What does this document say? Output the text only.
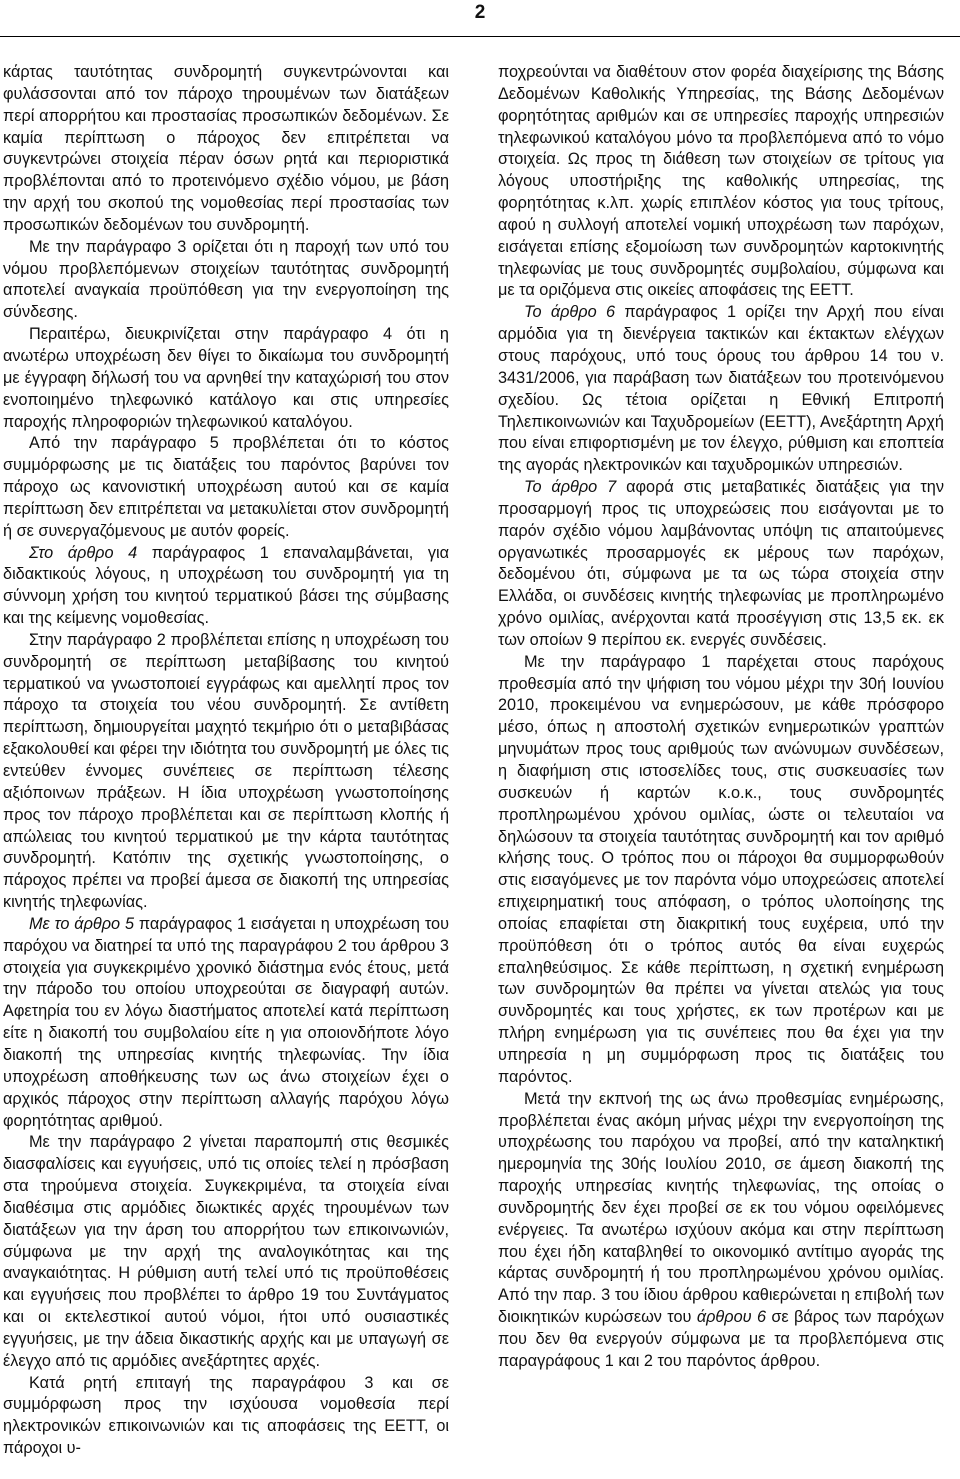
2

κάρτας ταυτότητας συνδρομητή συγκεντρώνονται και φυλάσσονται από τον πάροχο τηρουμένων των διατάξεων περί απορρήτου και προστασίας προσωπικών δεδομένων. Σε καμία περίπτωση ο πάροχος δεν επιτρέπεται να συγκεντρώνει στοιχεία πέραν όσων ρητά και περιοριστικά προβλέπονται από το προτεινόμενο σχέδιο νόμου, με βάση την αρχή του σκοπού της νομοθεσίας περί προστασίας των προσωπικών δεδομένων του συνδρομητή.

Με την παράγραφο 3 ορίζεται ότι η παροχή των υπό του νόμου προβλεπόμενων στοιχείων ταυτότητας συνδρομητή αποτελεί αναγκαία προϋπόθεση για την ενεργοποίηση της σύνδεσης.

Περαιτέρω, διευκρινίζεται στην παράγραφο 4 ότι η ανωτέρω υποχρέωση δεν θίγει το δικαίωμα του συνδρομητή με έγγραφη δήλωσή του να αρνηθεί την καταχώρισή του στον ενοποιημένο τηλεφωνικό κατάλογο και στις υπηρεσίες παροχής πληροφοριών τηλεφωνικού καταλόγου.

Από την παράγραφο 5 προβλέπεται ότι το κόστος συμμόρφωσης με τις διατάξεις του παρόντος βαρύνει τον πάροχο ως κανονιστική υποχρέωση αυτού και σε καμία περίπτωση δεν επιτρέπεται να μετακυλίεται στον συνδρομητή ή σε συνεργαζόμενους με αυτόν φορείς.

Στο άρθρο 4 παράγραφος 1 επαναλαμβάνεται, για διδακτικούς λόγους, η υποχρέωση του συνδρομητή για τη σύννομη χρήση του κινητού τερματικού βάσει της σύμβασης και της κείμενης νομοθεσίας.

Στην παράγραφο 2 προβλέπεται επίσης η υποχρέωση του συνδρομητή σε περίπτωση μεταβίβασης του κινητού τερματικού να γνωστοποιεί εγγράφως και αμελλητί προς τον πάροχο τα στοιχεία του νέου συνδρομητή. Σε αντίθετη περίπτωση, δημιουργείται μαχητό τεκμήριο ότι ο μεταβιβάσας εξακολουθεί και φέρει την ιδιότητα του συνδρομητή με όλες τις εντεύθεν έννομες συνέπειες σε περίπτωση τέλεσης αξιόποινων πράξεων. Η ίδια υποχρέωση γνωστοποίησης προς τον πάροχο προβλέπεται και σε περίπτωση κλοπής ή απώλειας του κινητού τερματικού με την κάρτα ταυτότητας συνδρομητή. Κατόπιν της σχετικής γνωστοποίησης, ο πάροχος πρέπει να προβεί άμεσα σε διακοπή της υπηρεσίας κινητής τηλεφωνίας.

Με το άρθρο 5 παράγραφος 1 εισάγεται η υποχρέωση του παρόχου να διατηρεί τα υπό της παραγράφου 2 του άρθρου 3 στοιχεία για συγκεκριμένο χρονικό διάστημα ενός έτους, μετά την πάροδο του οποίου υποχρεούται σε διαγραφή αυτών. Αφετηρία του εν λόγω διαστήματος αποτελεί κατά περίπτωση είτε η διακοπή του συμβολαίου είτε η για οποιονδήποτε λόγο διακοπή της υπηρεσίας κινητής τηλεφωνίας. Την ίδια υποχρέωση αποθήκευσης των ως άνω στοιχείων έχει ο αρχικός πάροχος στην περίπτωση αλλαγής παρόχου λόγω φορητότητας αριθμού.

Με την παράγραφο 2 γίνεται παραπομπή στις θεσμικές διασφαλίσεις και εγγυήσεις, υπό τις οποίες τελεί η πρόσβαση στα τηρούμενα στοιχεία. Συγκεκριμένα, τα στοιχεία είναι διαθέσιμα στις αρμόδιες διωκτικές αρχές τηρουμένων των διατάξεων για την άρση του απορρήτου των επικοινωνιών, σύμφωνα με την αρχή της αναλογικότητας και της αναγκαιότητας. Η ρύθμιση αυτή τελεί υπό τις προϋποθέσεις και εγγυήσεις που προβλέπει το άρθρο 19 του Συντάγματος και οι εκτελεστικοί αυτού νόμοι, ήτοι υπό ουσιαστικές εγγυήσεις, με την άδεια δικαστικής αρχής και με υπαγωγή σε έλεγχο από τις αρμόδιες ανεξάρτητες αρχές.

Κατά ρητή επιταγή της παραγράφου 3 και σε συμμόρφωση προς την ισχύουσα νομοθεσία περί ηλεκτρονικών επικοινωνιών και τις αποφάσεις της ΕΕΤΤ, οι πάροχοι υ-

ποχρεούνται να διαθέτουν στον φορέα διαχείρισης της Βάσης Δεδομένων Καθολικής Υπηρεσίας, της Βάσης Δεδομένων φορητότητας αριθμών και σε υπηρεσίες παροχής υπηρεσιών τηλεφωνικού καταλόγου μόνο τα προβλεπόμενα από το νόμο στοιχεία. Ως προς τη διάθεση των στοιχείων σε τρίτους για λόγους υποστήριξης της καθολικής υπηρεσίας, της φορητότητας κ.λπ. χωρίς επιπλέον κόστος για τους τρίτους, αφού η συλλογή αποτελεί νομική υποχρέωση των παρόχων, εισάγεται επίσης εξομοίωση των συνδρομητών καρτοκινητής τηλεφωνίας με τους συνδρομητές συμβολαίου, σύμφωνα και με τα οριζόμενα στις οικείες αποφάσεις της ΕΕΤΤ.

Το άρθρο 6 παράγραφος 1 ορίζει την Αρχή που είναι αρμόδια για τη διενέργεια τακτικών και έκτακτων ελέγχων στους παρόχους, υπό τους όρους του άρθρου 14 του ν. 3431/2006, για παράβαση των διατάξεων του προτεινόμενου σχεδίου. Ως τέτοια ορίζεται η Εθνική Επιτροπή Τηλεπικοινωνιών και Ταχυδρομείων (ΕΕΤΤ), Ανεξάρτητη Αρχή που είναι επιφορτισμένη με τον έλεγχο, ρύθμιση και εποπτεία της αγοράς ηλεκτρονικών και ταχυδρομικών υπηρεσιών.

Το άρθρο 7 αφορά στις μεταβατικές διατάξεις για την προσαρμογή προς τις υποχρεώσεις που εισάγονται με το παρόν σχέδιο νόμου λαμβάνοντας υπόψη τις απαιτούμενες οργανωτικές προσαρμογές εκ μέρους των παρόχων, δεδομένου ότι, σύμφωνα με τα ως τώρα στοιχεία στην Ελλάδα, οι συνδέσεις κινητής τηλεφωνίας με προπληρωμένο χρόνο ομιλίας, ανέρχονται κατά προσέγγιση στις 13,5 εκ. εκ των οποίων 9 περίπου εκ. ενεργές συνδέσεις.

Με την παράγραφο 1 παρέχεται στους παρόχους προθεσμία από την ψήφιση του νόμου μέχρι την 30ή Ιουνίου 2010, προκειμένου να ενημερώσουν, με κάθε πρόσφορο μέσο, όπως η αποστολή σχετικών ενημερωτικών γραπτών μηνυμάτων προς τους αριθμούς των ανώνυμων συνδέσεων, η διαφήμιση στις ιστοσελίδες τους, στις συσκευασίες των συσκευών ή καρτών κ.ο.κ., τους συνδρομητές προπληρωμένου χρόνου ομιλίας, ώστε οι τελευταίοι να δηλώσουν τα στοιχεία ταυτότητας συνδρομητή και τον αριθμό κλήσης τους. Ο τρόπος που οι πάροχοι θα συμμορφωθούν στις εισαγόμενες με τον παρόντα νόμο υποχρεώσεις αποτελεί επιχειρηματική τους απόφαση, ο τρόπος υλοποίησης της οποίας επαφίεται στη διακριτική τους ευχέρεια, υπό την προϋπόθεση ότι ο τρόπος αυτός θα είναι ευχερώς επαληθεύσιμος. Σε κάθε περίπτωση, η σχετική ενημέρωση των συνδρομητών θα πρέπει να γίνεται ατελώς για τους συνδρομητές και τους χρήστες, εκ των προτέρων και με πλήρη ενημέρωση για τις συνέπειες που θα έχει για την υπηρεσία η μη συμμόρφωση προς τις διατάξεις του παρόντος.

Μετά την εκπνοή της ως άνω προθεσμίας ενημέρωσης, προβλέπεται ένας ακόμη μήνας μέχρι την ενεργοποίηση της υποχρέωσης του παρόχου να προβεί, από την καταληκτική ημερομηνία της 30ής Ιουλίου 2010, σε άμεση διακοπή της παροχής υπηρεσίας κινητής τηλεφωνίας, της οποίας ο συνδρομητής δεν έχει προβεί σε εκ του νόμου οφειλόμενες ενέργειες. Τα ανωτέρω ισχύουν ακόμα και στην περίπτωση που έχει ήδη καταβληθεί το οικονομικό αντίτιμο αγοράς της κάρτας συνδρομητή ή του προπληρωμένου χρόνου ομιλίας. Από την παρ. 3 του ίδιου άρθρου καθιερώνεται η επιβολή των διοικητικών κυρώσεων του άρθρου 6 σε βάρος των παρόχων που δεν θα ενεργούν σύμφωνα με τα προβλεπόμενα στις παραγράφους 1 και 2 του παρόντος άρθρου.
